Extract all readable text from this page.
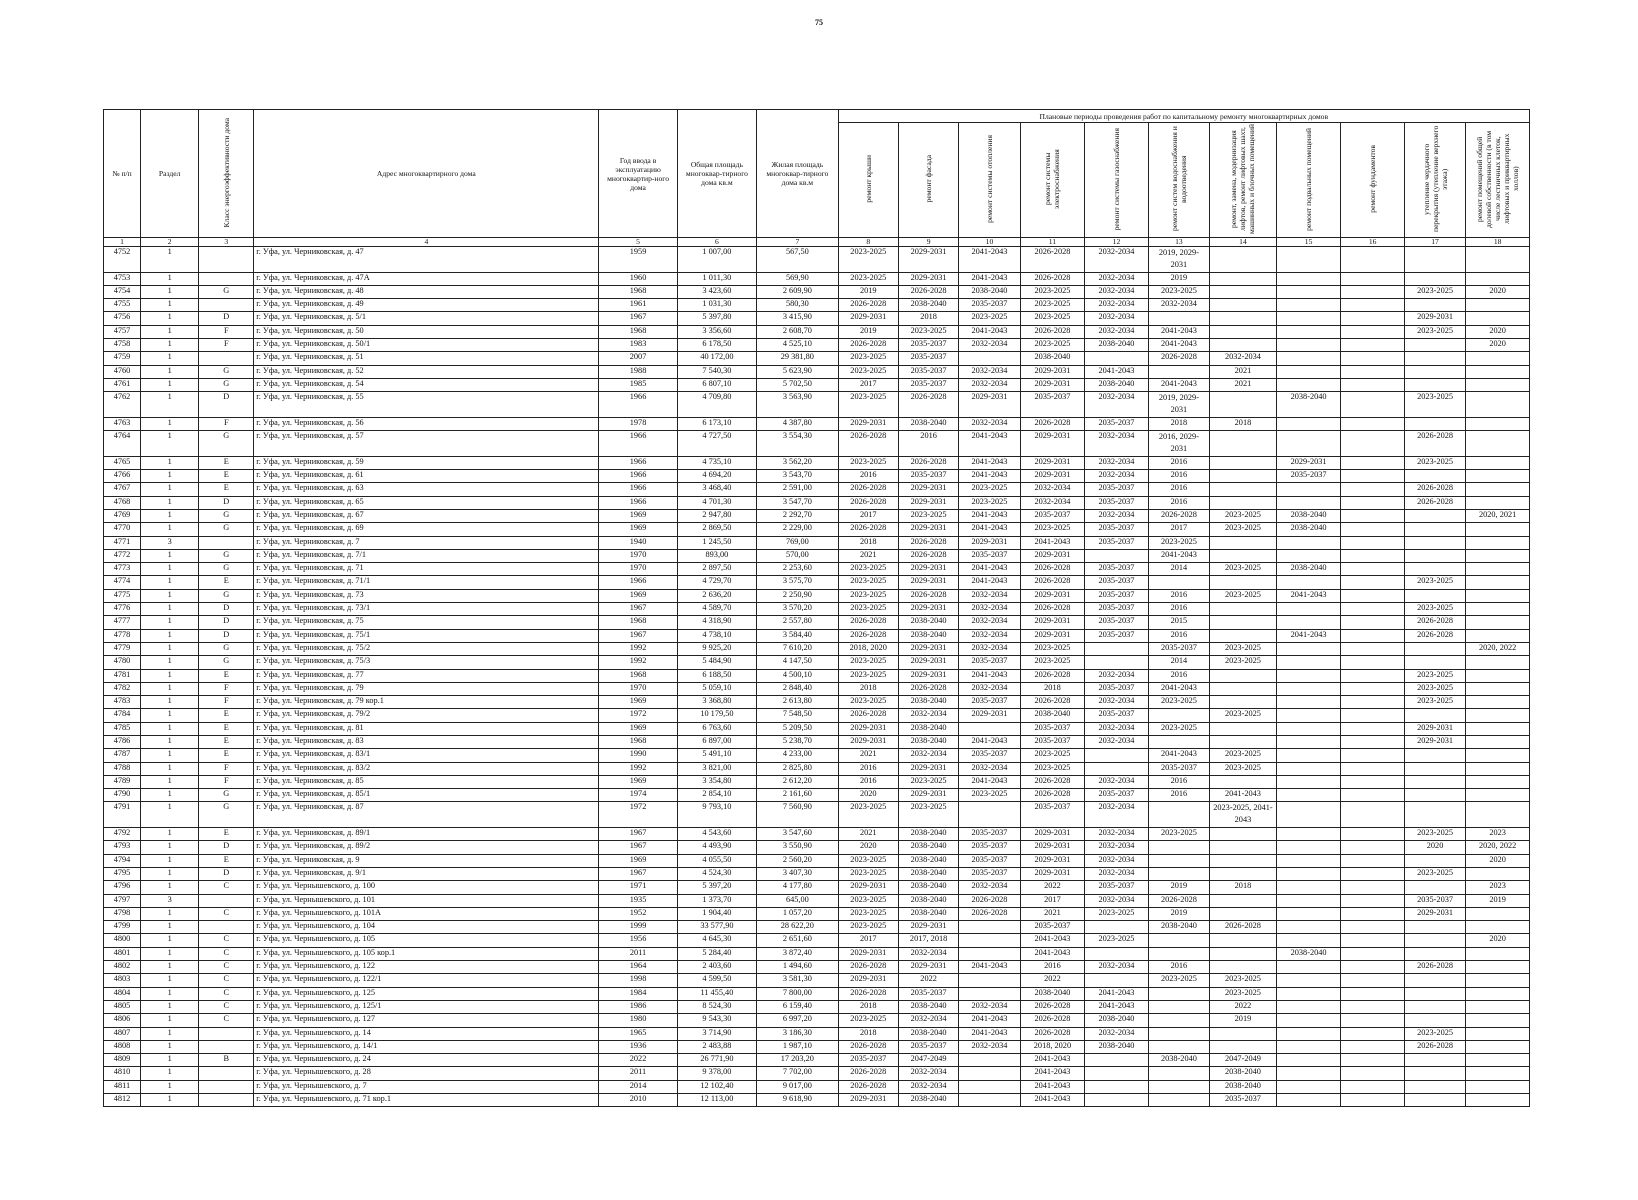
75
№ п/п	Раздел	Класс энергоэффективности дома	Адрес многоквартирного дома	Год ввода в эксплуатацию многоквартир-ного дома	Общая площадь многоквар-тирного дома кв.м	Жилая площадь многоквар-тирного дома кв.м	Плановые периоды проведения работ по капитальному ремонту многоквартирных домов										
							ремонт крыши	ремонт фасада	ремонт системы отопления	ремонт системы электроснабжения	ремонт системы газоснабжения	ремонт систем водоснабжения и водоотведения	ремонт, замена, модернизация лифтов, ремонт лифтовых шахт, машинных и блочных помещений	ремонт подвальных помещений	ремонт фундаментов	утепление чердачного перекрытия (утепление верхнего этажа)	ремонт помещений общей долевой собственности (в том числе лестничных клеток, лифтовых и приквартирных холлов)
1	2	3	4	5	6	7	8	9	10	11	12	13	14	15	16	17	18
4752	1		г. Уфа, ул. Черниковская, д. 47	1959	1 007,00	567,50	2023-2025	2029-2031	2041-2043	2026-2028	2032-2034	2019, 2029-2031					
4753	1		г. Уфа, ул. Черниковская, д. 47А	1960	1 011,30	569,90	2023-2025	2029-2031	2041-2043	2026-2028	2032-2034	2019					
4754	1	G	г. Уфа, ул. Черниковская, д. 48	1968	3 423,60	2 609,90	2019	2026-2028	2038-2040	2023-2025	2032-2034	2023-2025				2023-2025	2020
4755	1		г. Уфа, ул. Черниковская, д. 49	1961	1 031,30	580,30	2026-2028	2038-2040	2035-2037	2023-2025	2032-2034	2032-2034					
4756	1	D	г. Уфа, ул. Черниковская, д. 5/1	1967	5 397,80	3 415,90	2029-2031	2018	2023-2025	2023-2025	2032-2034					2029-2031	
4757	1	F	г. Уфа, ул. Черниковская, д. 50	1968	3 356,60	2 608,70	2019	2023-2025	2041-2043	2026-2028	2032-2034	2041-2043				2023-2025	2020
4758	1	F	г. Уфа, ул. Черниковская, д. 50/1	1983	6 178,50	4 525,10	2026-2028	2035-2037	2032-2034	2023-2025	2038-2040	2041-2043					2020
4759	1		г. Уфа, ул. Черниковская, д. 51	2007	40 172,00	29 381,80	2023-2025	2035-2037		2038-2040		2026-2028	2032-2034				
4760	1	G	г. Уфа, ул. Черниковская, д. 52	1988	7 540,30	5 623,90	2023-2025	2035-2037	2032-2034	2029-2031	2041-2043		2021				
4761	1	G	г. Уфа, ул. Черниковская, д. 54	1985	6 807,10	5 702,50	2017	2035-2037	2032-2034	2029-2031	2038-2040	2041-2043	2021				
4762	1	D	г. Уфа, ул. Черниковская, д. 55	1966	4 709,80	3 563,90	2023-2025	2026-2028	2029-2031	2035-2037	2032-2034	2019, 2029-2031		2038-2040		2023-2025	
4763	1	F	г. Уфа, ул. Черниковская, д. 56	1978	6 173,10	4 387,80	2029-2031	2038-2040	2032-2034	2026-2028	2035-2037	2018	2018				
4764	1	G	г. Уфа, ул. Черниковская, д. 57	1966	4 727,50	3 554,30	2026-2028	2016	2041-2043	2029-2031	2032-2034	2016, 2029-2031				2026-2028	
4765	1	E	г. Уфа, ул. Черниковская, д. 59	1966	4 735,10	3 562,20	2023-2025	2026-2028	2041-2043	2029-2031	2032-2034	2016		2029-2031		2023-2025	
4766	1	E	г. Уфа, ул. Черниковская, д. 61	1966	4 694,20	3 543,70	2016	2035-2037	2041-2043	2029-2031	2032-2034	2016		2035-2037			
4767	1	E	г. Уфа, ул. Черниковская, д. 63	1966	3 468,40	2 591,00	2026-2028	2029-2031	2023-2025	2032-2034	2035-2037	2016				2026-2028	
4768	1	D	г. Уфа, ул. Черниковская, д. 65	1966	4 701,30	3 547,70	2026-2028	2029-2031	2023-2025	2032-2034	2035-2037	2016				2026-2028	
4769	1	G	г. Уфа, ул. Черниковская, д. 67	1969	2 947,80	2 292,70	2017	2023-2025	2041-2043	2035-2037	2032-2034	2026-2028	2023-2025	2038-2040			2020, 2021
4770	1	G	г. Уфа, ул. Черниковская, д. 69	1969	2 869,50	2 229,00	2026-2028	2029-2031	2041-2043	2023-2025	2035-2037	2017	2023-2025	2038-2040			
4771	3		г. Уфа, ул. Черниковская, д. 7	1940	1 245,50	769,00	2018	2026-2028	2029-2031	2041-2043	2035-2037	2023-2025					
4772	1	G	г. Уфа, ул. Черниковская, д. 7/1	1970	893,00	570,00	2021	2026-2028	2035-2037	2029-2031		2041-2043					
4773	1	G	г. Уфа, ул. Черниковская, д. 71	1970	2 897,50	2 253,60	2023-2025	2029-2031	2041-2043	2026-2028	2035-2037	2014	2023-2025	2038-2040			
4774	1	E	г. Уфа, ул. Черниковская, д. 71/1	1966	4 729,70	3 575,70	2023-2025	2029-2031	2041-2043	2026-2028	2035-2037					2023-2025	
4775	1	G	г. Уфа, ул. Черниковская, д. 73	1969	2 636,20	2 250,90	2023-2025	2026-2028	2032-2034	2029-2031	2035-2037	2016	2023-2025	2041-2043			
4776	1	D	г. Уфа, ул. Черниковская, д. 73/1	1967	4 589,70	3 570,20	2023-2025	2029-2031	2032-2034	2026-2028	2035-2037	2016				2023-2025	
4777	1	D	г. Уфа, ул. Черниковская, д. 75	1968	4 318,90	2 557,80	2026-2028	2038-2040	2032-2034	2029-2031	2035-2037	2015				2026-2028	
4778	1	D	г. Уфа, ул. Черниковская, д. 75/1	1967	4 738,10	3 584,40	2026-2028	2038-2040	2032-2034	2029-2031	2035-2037	2016		2041-2043		2026-2028	
4779	1	G	г. Уфа, ул. Черниковская, д. 75/2	1992	9 925,20	7 610,20	2018, 2020	2029-2031	2032-2034	2023-2025		2035-2037	2023-2025				2020, 2022
4780	1	G	г. Уфа, ул. Черниковская, д. 75/3	1992	5 484,90	4 147,50	2023-2025	2029-2031	2035-2037	2023-2025		2014	2023-2025				
4781	1	E	г. Уфа, ул. Черниковская, д. 77	1968	6 188,50	4 500,10	2023-2025	2029-2031	2041-2043	2026-2028	2032-2034	2016				2023-2025	
4782	1	F	г. Уфа, ул. Черниковская, д. 79	1970	5 059,10	2 848,40	2018	2026-2028	2032-2034	2018	2035-2037	2041-2043				2023-2025	
4783	1	F	г. Уфа, ул. Черниковская, д. 79 кор.1	1969	3 368,80	2 613,80	2023-2025	2038-2040	2035-2037	2026-2028	2032-2034	2023-2025				2023-2025	
4784	1	E	г. Уфа, ул. Черниковская, д. 79/2	1972	10 179,50	7 548,50	2026-2028	2032-2034	2029-2031	2038-2040	2035-2037		2023-2025				
4785	1	E	г. Уфа, ул. Черниковская, д. 81	1969	6 763,60	5 209,50	2029-2031	2038-2040		2035-2037	2032-2034	2023-2025				2029-2031	
4786	1	E	г. Уфа, ул. Черниковская, д. 83	1968	6 897,00	5 238,70	2029-2031	2038-2040	2041-2043	2035-2037	2032-2034					2029-2031	
4787	1	E	г. Уфа, ул. Черниковская, д. 83/1	1990	5 491,10	4 233,00	2021	2032-2034	2035-2037	2023-2025		2041-2043	2023-2025				
4788	1	F	г. Уфа, ул. Черниковская, д. 83/2	1992	3 821,00	2 825,80	2016	2029-2031	2032-2034	2023-2025		2035-2037	2023-2025				
4789	1	F	г. Уфа, ул. Черниковская, д. 85	1969	3 354,80	2 612,20	2016	2023-2025	2041-2043	2026-2028	2032-2034	2016					
4790	1	G	г. Уфа, ул. Черниковская, д. 85/1	1974	2 854,10	2 161,60	2020	2029-2031	2023-2025	2026-2028	2035-2037	2016	2041-2043				
4791	1	G	г. Уфа, ул. Черниковская, д. 87	1972	9 793,10	7 560,90	2023-2025	2023-2025		2035-2037	2032-2034		2023-2025, 2041-2043				
4792	1	E	г. Уфа, ул. Черниковская, д. 89/1	1967	4 543,60	3 547,60	2021	2038-2040	2035-2037	2029-2031	2032-2034	2023-2025				2023-2025	2023
4793	1	D	г. Уфа, ул. Черниковская, д. 89/2	1967	4 493,90	3 550,90	2020	2038-2040	2035-2037	2029-2031	2032-2034					2020	2020, 2022
4794	1	E	г. Уфа, ул. Черниковская, д. 9	1969	4 055,50	2 560,20	2023-2025	2038-2040	2035-2037	2029-2031	2032-2034						2020
4795	1	D	г. Уфа, ул. Черниковская, д. 9/1	1967	4 524,30	3 407,30	2023-2025	2038-2040	2035-2037	2029-2031	2032-2034					2023-2025	
4796	1	C	г. Уфа, ул. Чернышевского, д. 100	1971	5 397,20	4 177,80	2029-2031	2038-2040	2032-2034	2022	2035-2037	2019	2018				2023
4797	3		г. Уфа, ул. Чернышевского, д. 101	1935	1 373,70	645,00	2023-2025	2038-2040	2026-2028	2017	2032-2034	2026-2028				2035-2037	2019
4798	1	C	г. Уфа, ул. Чернышевского, д. 101А	1952	1 904,40	1 057,20	2023-2025	2038-2040	2026-2028	2021	2023-2025	2019				2029-2031	
4799	1		г. Уфа, ул. Чернышевского, д. 104	1999	33 577,90	28 622,20	2023-2025	2029-2031		2035-2037		2038-2040	2026-2028				
4800	1	C	г. Уфа, ул. Чернышевского, д. 105	1956	4 645,30	2 651,60	2017	2017, 2018		2041-2043	2023-2025						2020
4801	1	C	г. Уфа, ул. Чернышевского, д. 105 кор.1	2011	5 284,40	3 872,40	2029-2031	2032-2034		2041-2043				2038-2040			
4802	1	C	г. Уфа, ул. Чернышевского, д. 122	1964	2 403,60	1 494,60	2026-2028	2029-2031	2041-2043	2016	2032-2034	2016				2026-2028	
4803	1	C	г. Уфа, ул. Чернышевского, д. 122/1	1998	4 599,50	3 581,30	2029-2031	2022		2022		2023-2025	2023-2025				
4804	1	C	г. Уфа, ул. Чернышевского, д. 125	1984	11 455,40	7 800,00	2026-2028	2035-2037		2038-2040	2041-2043		2023-2025				
4805	1	C	г. Уфа, ул. Чернышевского, д. 125/1	1986	8 524,30	6 159,40	2018	2038-2040	2032-2034	2026-2028	2041-2043		2022				
4806	1	C	г. Уфа, ул. Чернышевского, д. 127	1980	9 543,30	6 997,20	2023-2025	2032-2034	2041-2043	2026-2028	2038-2040		2019				
4807	1		г. Уфа, ул. Чернышевского, д. 14	1965	3 714,90	3 186,30	2018	2038-2040	2041-2043	2026-2028	2032-2034					2023-2025	
4808	1		г. Уфа, ул. Чернышевского, д. 14/1	1936	2 483,88	1 987,10	2026-2028	2035-2037	2032-2034	2018, 2020	2038-2040					2026-2028	
4809	1	B	г. Уфа, ул. Чернышевского, д. 24	2022	26 771,90	17 203,20	2035-2037	2047-2049		2041-2043		2038-2040	2047-2049				
4810	1		г. Уфа, ул. Чернышевского, д. 28	2011	9 378,00	7 702,00	2026-2028	2032-2034		2041-2043			2038-2040				
4811	1		г. Уфа, ул. Чернышевского, д. 7	2014	12 102,40	9 017,00	2026-2028	2032-2034		2041-2043			2038-2040				
4812	1		г. Уфа, ул. Чернышевского, д. 71 кор.1	2010	12 113,00	9 618,90	2029-2031	2038-2040		2041-2043			2035-2037				
